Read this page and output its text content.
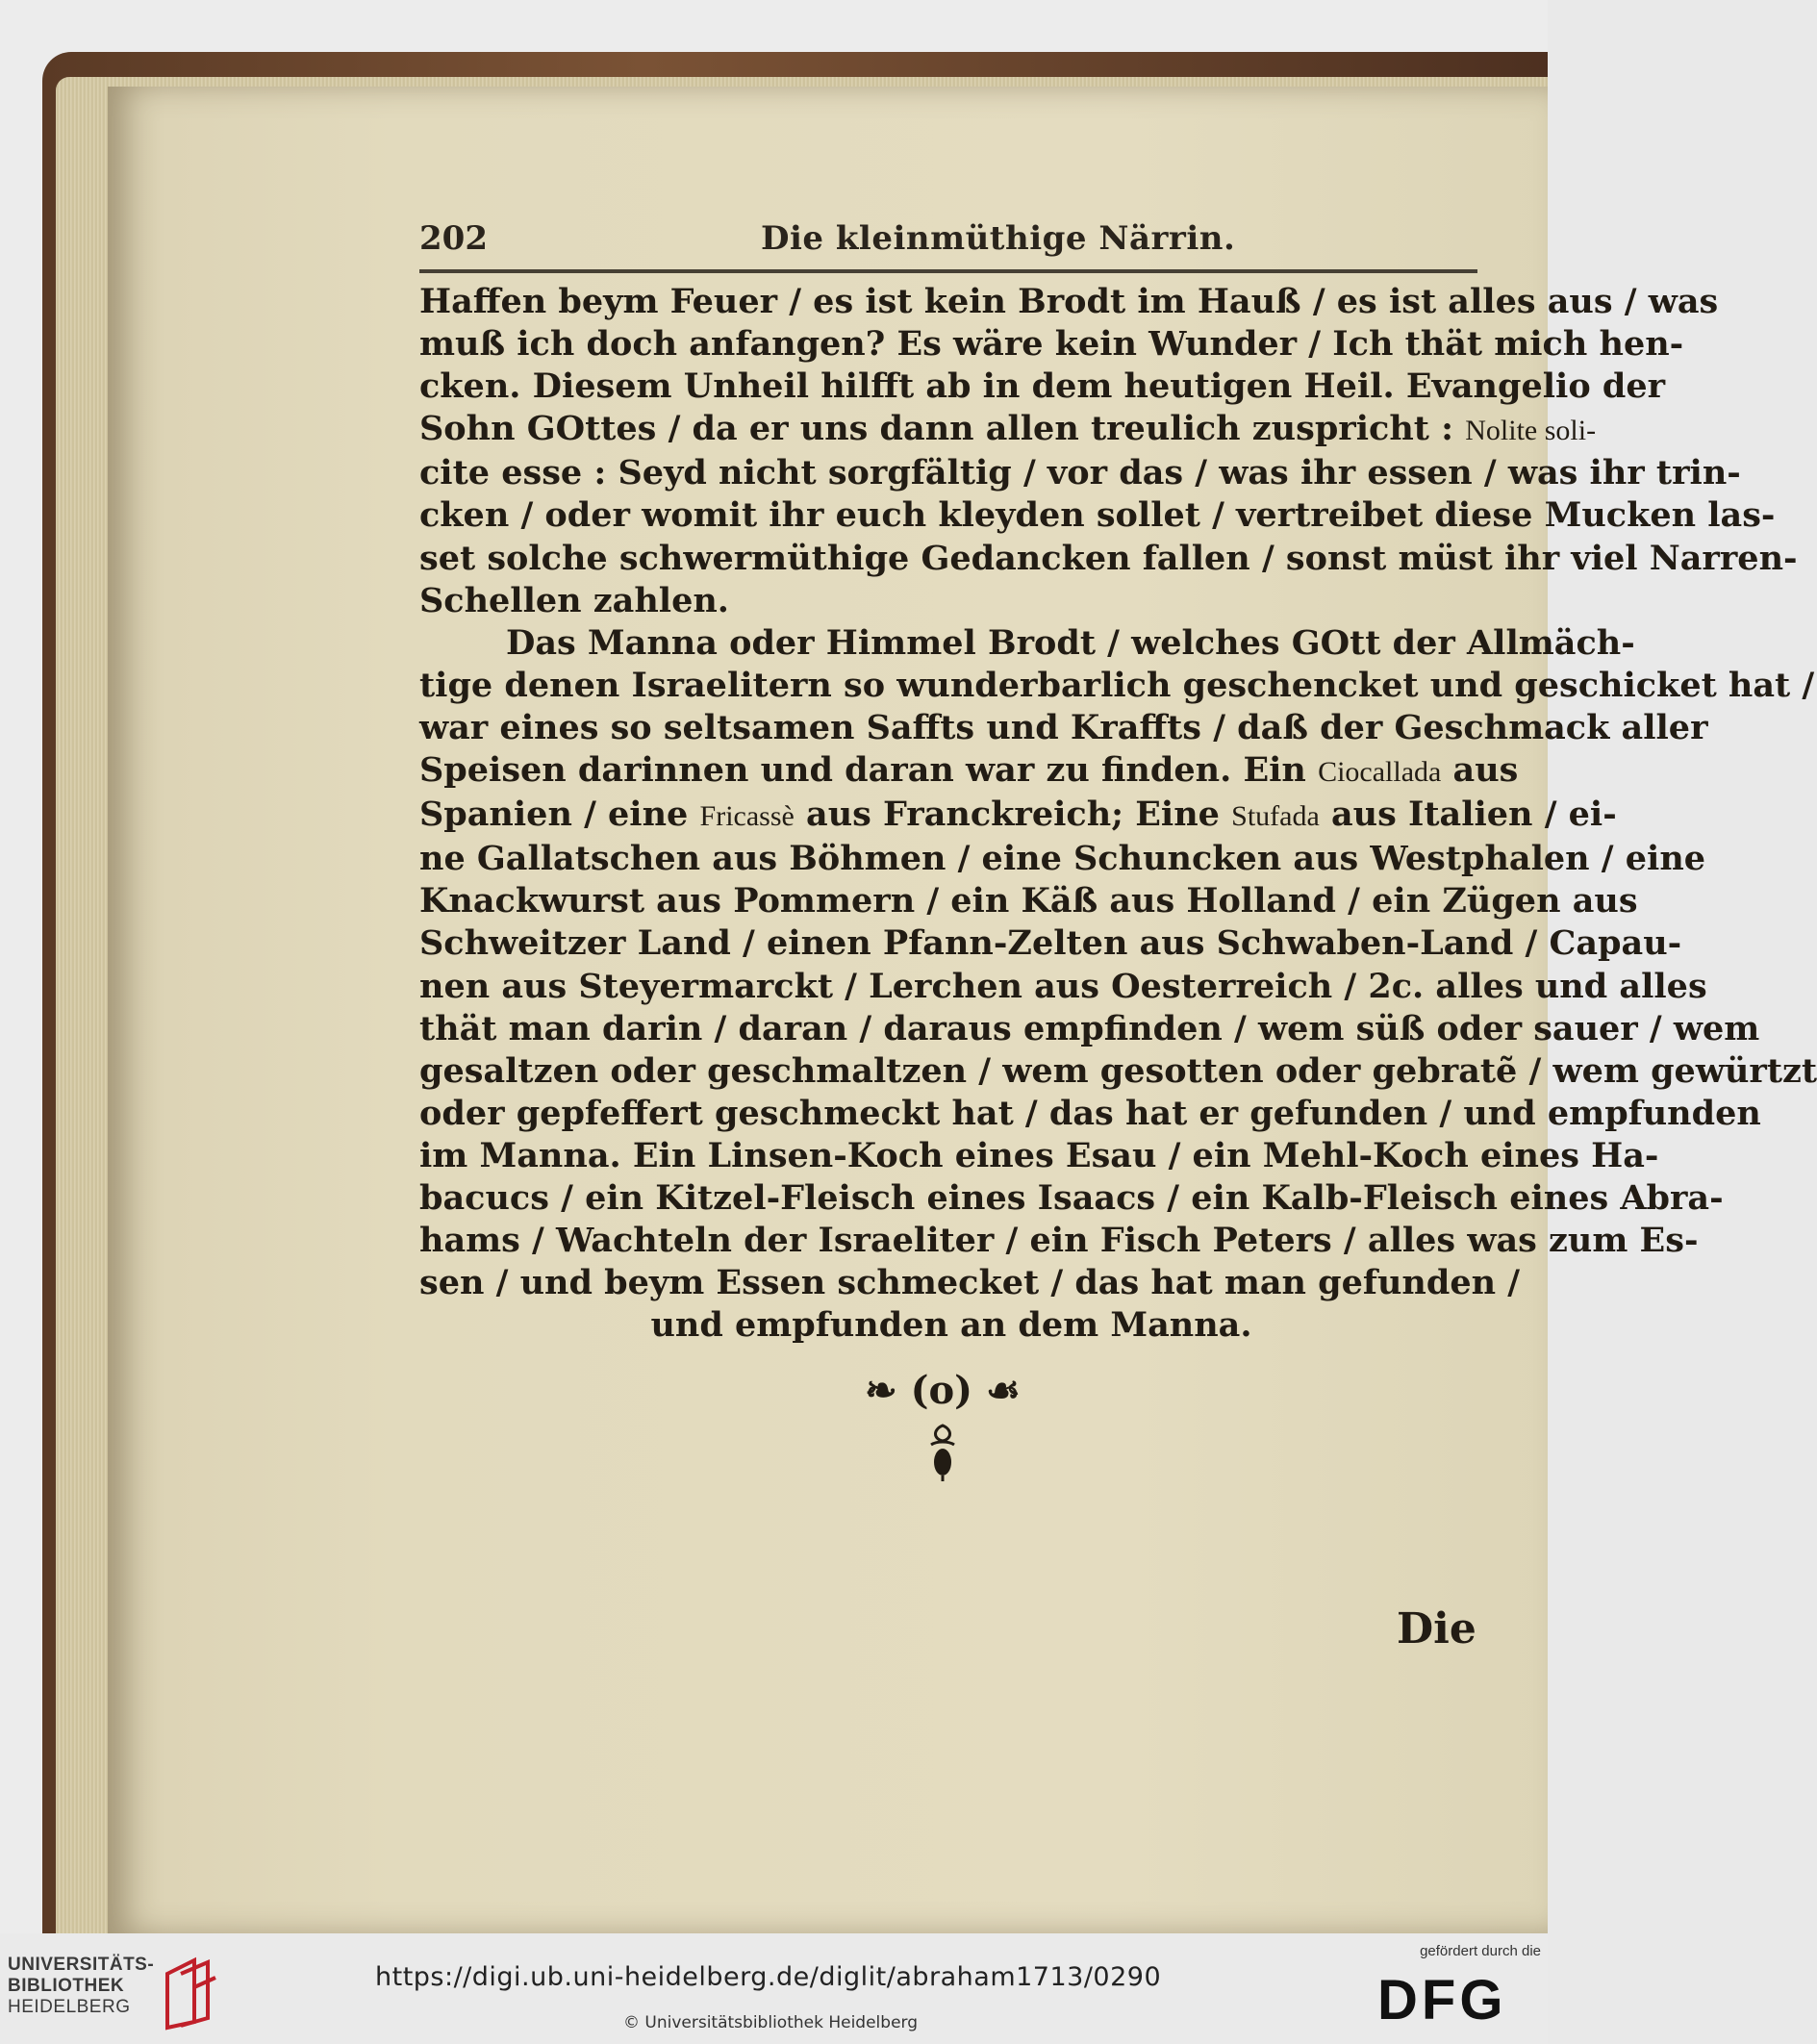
202	Die kleinmüthige Närrin.
Haffen beym Feuer / es ist kein Brodt im Hauß / es ist alles aus / was
muß ich doch anfangen? Es wäre kein Wunder / Ich thät mich hen-
cken. Diesem Unheil hilfft ab in dem heutigen Heil. Evangelio der
Sohn GOttes / da er uns dann allen treulich zuspricht : Nolite soli-
cite esse : Seyd nicht sorgfältig / vor das / was ihr essen / was ihr trin-
cken / oder womit ihr euch kleyden sollet / vertreibet diese Mucken las-
set solche schwermüthige Gedancken fallen / sonst müst ihr viel Narren-
Schellen zahlen.
Das Manna oder Himmel Brodt / welches GOtt der Allmäch-
tige denen Israelitern so wunderbarlich geschencket und geschicket hat /
war eines so seltsamen Saffts und Kraffts / daß der Geschmack aller
Speisen darinnen und daran war zu finden. Ein Ciocallada aus
Spanien / eine Fricassè aus Franckreich; Eine Stufada aus Italien / ei-
ne Gallatschen aus Böhmen / eine Schuncken aus Westphalen / eine
Knackwurst aus Pommern / ein Käß aus Holland / ein Zügen aus
Schweitzer Land / einen Pfann-Zelten aus Schwaben-Land / Capau-
nen aus Steyermarckt / Lerchen aus Oesterreich / 2c. alles und alles
thät man darin / daran / daraus empfinden / wem süß oder sauer / wem
gesaltzen oder geschmaltzen / wem gesotten oder gebratẽ / wem gewürtzt
oder gepfeffert geschmeckt hat / das hat er gefunden / und empfunden
im Manna. Ein Linsen-Koch eines Esau / ein Mehl-Koch eines Ha-
bacucs / ein Kitzel-Fleisch eines Isaacs / ein Kalb-Fleisch eines Abra-
hams / Wachteln der Israeliter / ein Fisch Peters / alles was zum Es-
sen / und beym Essen schmecket / das hat man gefunden /
und empfunden an dem Manna.
❧ (o) ☙
Die
UNIVERSITÄTS-
BIBLIOTHEK
HEIDELBERG
https://digi.ub.uni-heidelberg.de/diglit/abraham1713/0290
© Universitätsbibliothek Heidelberg
gefördert durch die
DFG
